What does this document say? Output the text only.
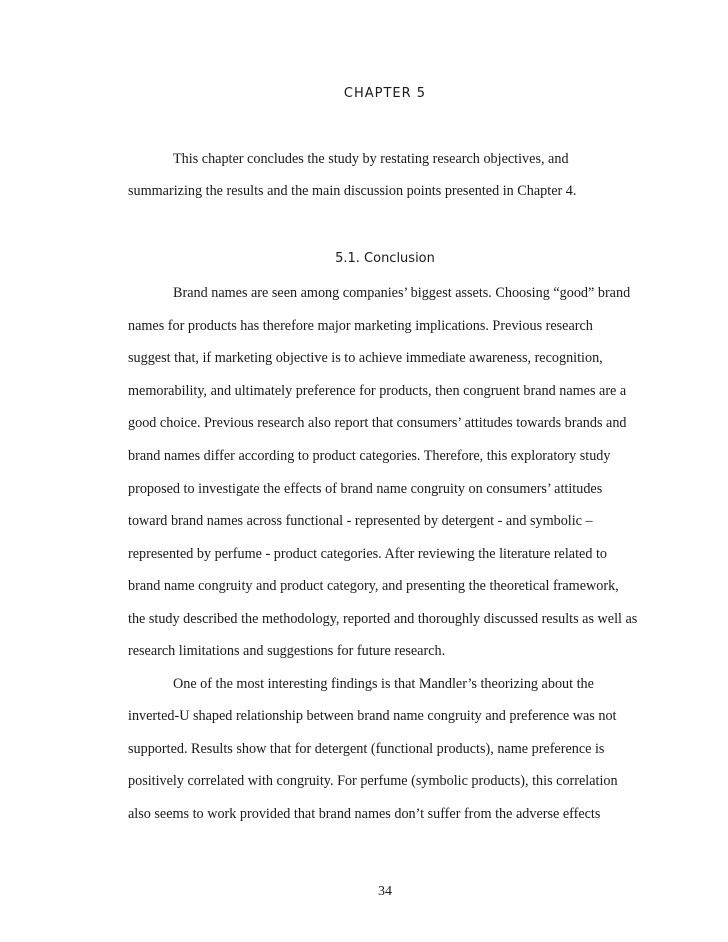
CHAPTER 5
This chapter concludes the study by restating research objectives, and
summarizing the results and the main discussion points presented in Chapter 4.
5.1. Conclusion
Brand names are seen among companies’ biggest assets. Choosing “good” brand
names for products has therefore major marketing implications. Previous research
suggest that, if marketing objective is to achieve immediate awareness, recognition,
memorability, and ultimately preference for products, then congruent brand names are a
good choice. Previous research also report that consumers’ attitudes towards brands and
brand names differ according to product categories. Therefore, this exploratory study
proposed to investigate the effects of brand name congruity on consumers’ attitudes
toward brand names across functional - represented by detergent - and symbolic –
represented by perfume - product categories. After reviewing the literature related to
brand name congruity and product category, and presenting the theoretical framework,
the study described the methodology, reported and thoroughly discussed results as well as
research limitations and suggestions for future research.
One of the most interesting findings is that Mandler’s theorizing about the
inverted-U shaped relationship between brand name congruity and preference was not
supported. Results show that for detergent (functional products), name preference is
positively correlated with congruity. For perfume (symbolic products), this correlation
also seems to work provided that brand names don’t suffer from the adverse effects
34
